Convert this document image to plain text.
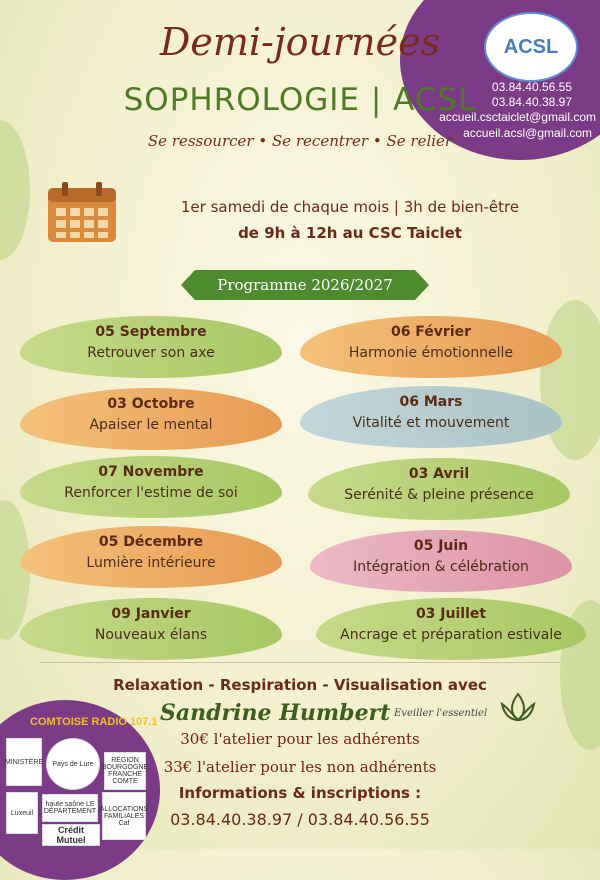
ACSL
03.84.40.56.55
03.84.40.38.97
accueil.csctaiclet@gmail.com
accueil.acsl@gmail.com
Demi-journées
SOPHROLOGIE | ACSL
Se ressourcer • Se recentrer • Se relier
1er samedi de chaque mois | 3h de bien-être
de 9h à 12h au CSC Taiclet
Programme 2026/2027
05 Septembre
Retrouver son axe
06 Février
Harmonie émotionnelle
03 Octobre
Apaiser le mental
06 Mars
Vitalité et mouvement
07 Novembre
Renforcer l'estime de soi
03 Avril
Serénité & pleine présence
05 Décembre
Lumière intérieure
05 Juin
Intégration & célébration
09 Janvier
Nouveaux élans
03 Juillet
Ancrage et préparation estivale
Relaxation - Respiration - Visualisation avec
Sandrine Humbert Eveiller l'essentiel
30€ l'atelier pour les adhérents
33€ l'atelier pour les non adhérents
Informations & inscriptions :
03.84.40.38.97 / 03.84.40.56.55
COMTOISE RADIO 107.1
MINISTÈRE	Pays de Lure	RÉGION BOURGOGNE FRANCHE COMTE
haute saône LE DÉPARTEMENT ALLOCATIONS FAMILIALES Caf
Crédit Mutuel
Luxeuil
